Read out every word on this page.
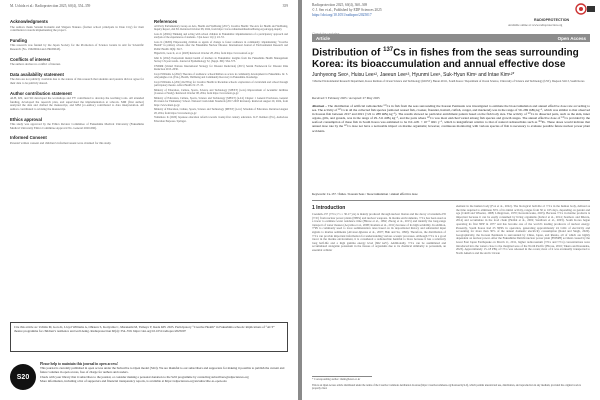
M. Uchida et al.: Radioprotection 2025, 60(4), 354–359	359
Acknowledgments
The authors thank Satsuki Katsumi and Shigeru Nakano (former school principals in Date City) for their contribution towards implementing the project.
Funding
This research was funded by the Japan Society for the Promotion of Science Grants in Aid for Scientific Research (No. 19K06044 and 23K06043).
Conflicts of interest
The authors declare no conflict of interest.
Data availability statement
The data are not publicly available due to the nature of this research that students and parents did not agree for their data to be publicly shared.
Author contribution statement
ALH, KN, and SO developed the workshops and YY contributed to develop the teaching tools. All attended funding, developed the research plan, and supervised the implementation at schools. MM (first author) analyzed the data and drafted the manuscript, and MM (co-author) contributed to data interpretation. All authors contributed to revising the manuscript.
Ethics approval
This study was approved by the Ethics Review Committee of Fukushima Medical University (Fukushima Medical University Ethics Committee Approval No. General 2020-060).
Informed Consent
Parental written consent and children’s informed assent were obtained for this study.
References
All Party Parliamentary Group on Arts, Health and Wellbeing (2017). Creative Health: The Arts for Health and Wellbeing, Inquiry Report, 2nd Ed. Retrieved October 08, 2024, from https://www.culturehealthandwellbeing.org.uk/appg-inquiry
Goto K (2020a) Thinking and acting with school children in Fukushima: implementation of a participatory approach and analysis of the experiences of students. J Jpn Assoc 11(1): 43–53.
Goto K (2020b) Empowering children as agents of change to foster resilience in community: implementing “Creative Health” in primary schools after the Fukushima Nuclear Disaster. International Journal of Environmental Research and Public Health 19(6): 3417.
Higuchi K, Goto K, et al. (2023) Retrieved October 28, 2024, from https://www.unicef.or.jp/
Ishii K (2022) Postpartum mental health of mothers in Fukushima: insights from the Fukushima Health Management Survey’s 8-year trends. Journal of Epidemiology 32, (Suppl. XII): S64–S75.
UNDRR (United Nations International Strategy for Disaster Reduction) (2015) Sendai Framework for Disaster Risk Reduction 2015–2030.
Lloyd Williams A (2022) Theories of resilience: schoolchildren as actors in community development in Fukushima. In: S. Abeysinghe et al. (Eds.), Health, Wellbeing and Community Recovery in Fukushima. Routledge.
Lloyd Williams A (2021) ReTTing for Creative Health in Rwandan schools: exploration of curriculum and school through participatory theatre. Africa Health 19: 27–35.
Ministry of Education, Culture, Sports, Science and Technology [MEXT] (n.d.a) Improvement of Academic Abilities (Courses of Study). Retrieved October 08, 2024, from https://www.mext.go.jp/
Ministry of Education, Culture, Sports, Science and Technology [MEXT] (n.d.b) Chapter 1 General Provisions, General Provision for Elementary School. National Curriculum Standards (2017-2018 Revision). Retrieved August 29, 2024, from https://www.mext.go.jp/
Ministry of Education, Culture, Sports, Science and Technology [MEXT] (n.d.c) Schedule of Education. Retrieved August 28, 2024, from https://www.mext.go.jp/
Yamamoto K (2020) Japanese education reform towards twenty-first century education. In F. Reimers (Ed.), Audacious Education Purposes. Springer.
Cite this article as: Uchida M, Goto K, Lloyd Williams A, Ohtsuru S, Koriyama C, Murakami M, Yamaya Y, Ikeda KH. 2025. Participatory “Creative Health” in Fukushima schools: implications of “ACT” theatre programme for children’s resilience and well-being. Radioprotection 60(4): 354–359. https://doi.org/10.1051/radiopro/2025007
S20
Please help to maintain this journal in open access!
This journal is currently published in open access under the Subscribe to Open model (S2O). We are thankful to our subscribers and supporters for making it possible to publish the current and future volumes in open access, free of charge for authors and readers.
Check with your library that it subscribes to the journal, or consider making a personal donation to the S2O programme by contacting subscribers@edpsciences.org
More information, including a list of supporters and financial transparency reports, is available at https://edpsciences.org/en/subscribe-to-open-s2o
Radioprotection 2025, 60(4), 360–369
© J. Seo et al., Published by EDP Sciences 2025
https://doi.org/10.1051/radiopro/2025017
RADIOPROTECTION
Available online at: www.radioprotection.org
Article	Open Access
Distribution of $^{137}$Cs in fishes from the seas surrounding Korea: its bioaccumulation and annual effective dose
Junhyeong Seo¹, Huisu Lee¹², Jaeeun Lee¹³, Hyunmi Lee¹, Suk-Hyun Kim¹ and Intae Kim¹²*
¹ Marine Environmental Research Department, Korea Institute of Ocean Science and Technology (KIOST), Busan 49111, South Korea ² Department of Ocean Science, University of Science and Technology (UST), Daejeon 34113, South Korea
Received: 5 February 2025 / Accepted: 27 May 2025
Abstract – The distribution of artificial radionuclide ¹³⁷Cs in fish from the seas surrounding the Korean Peninsula was investigated to estimate the bioaccumulation and annual effective dose rate according to sea. The activity of ¹³⁷Cs in all the collected fish species (armored weasel fish, croaker, flounder, hairtail, catfish, conger, and mackerel) was in the range of 50–269 mBq kg⁻¹, which was similar to that observed in Korean fish between 2017 and 2021 (<22 to 288 mBq kg⁻¹). The results showed no particular enrichment pattern based on the fish body size. The activity of ¹³⁷Cs in dissected parts, such as the skin, inner organs, gills, and gonads, was in the range of 29–511 mBq kg⁻¹, and the parts where ¹³⁷Cs was most enriched varied among fish species and growth stages. The annual effective dose of ¹³⁷Cs provided by the seafood consumption of these fish in South Korea was estimated to be 0.0–4.81 × 10⁻⁵ mSv y⁻¹, which is insignificant relative to that of natural radionuclides such as ²¹⁰Po. These doses would indicate that annual dose rate by the ¹³⁷Cs dose not have a noticeable impact on marine organisms; however, continuous monitoring with various species of fish is necessary to evaluate possible future nuclear power plant accidents.
Keywords: Cs-137 / fishes / Korean Seas / bioaccumulation / annual effective dose
1 Introduction
Caesium-137 (¹³⁷Cs; t½ = 30.17 yrs) is mainly produced through nuclear fission and the decay of uranium-235 (²³⁵U) from nuclear power plants (NPPs) and nuclear weapons. In marine environments, ¹³⁷Cs has been used as a tracer to estimate water residence time (Hirose et al., 1992; Zhong et al., 2015) and identify the long-range transport of water masses (Aoyama et al., 2008; Inomata et al., 2011) because of its high solubility. In addition, ²¹⁰Pb is commonly used to trace sedimentation rates based on its depositional history and substantial input signals to marine sediments (Alvarez-Iglesias et al., 2007; Huh and Su, 1999). Therefore, the distribution of ¹³⁷Cs can provide important information for understanding various oceanic processes. Although ¹³⁷Cs is a good tracer in the marine environment, it is considered a radionuclide harmful to biota because it has a relatively long half-life and a high gamma energy level (662 keV). Additionally, ¹³⁷Cs can be assimilated and accumulated alongside potassium in the tissues of organisms due to its chemical similarity to potassium, an essential cellular
element in the human body (Fox et al., 2022). The biological half-life of ¹³⁷Cs in the human body, defined as the time required to eliminate 50% of its initial activity, ranges from 30 to 165 days, depending on gender and age (Cahill and Wheeler, 1968; Lillegraven, 1970; Korzeniowska, 2023). Because ¹³⁷Cs in marine products is important because it can be easily consumed by living organisms (Zebrol et al., 2014; Iwamoto and Mizota, 2014) and accumulate in the food chain (Heldal et al., 2002; Sandborn et al., 2003). South Korea began operating its first NPP in 1977 and has become one of the world’s leading producers of nuclear energy. Presently, South Korea had 25 NPPs in operation, generating approximately 24 GWe of electricity and accounting for more than 30% of the annual domestic electricity consumption (Rand and Singh, 2020). Geographically, the Korean Peninsula is surrounded by China, Japan, and Russia, all of which are highly dependent on nuclear power. After the Fukushima Daiichi nuclear power plant (FDNPP) accident caused by the Great East Japan Earthquake on March 11, 2011, higher radiocaesium (¹³⁴Cs and ¹³⁷Cs) concentrations were introduced into the waters close to the marginal seas of the North Pacific (Hirose, 2016; Takata and Kusakabe, 2023). Approximately 15–18 PBq of ¹³⁷Cs was released in the ocean; most of it was eventually transported to North America and the Arctic Ocean
* Corresponding author: itkim@kiost.ac.kr
This is an Open Access article distributed under the terms of the Creative Commons Attribution License (https://creativecommons.org/licenses/by/4.0), which permits unrestricted use, distribution, and reproduction in any medium, provided the original work is properly cited.
